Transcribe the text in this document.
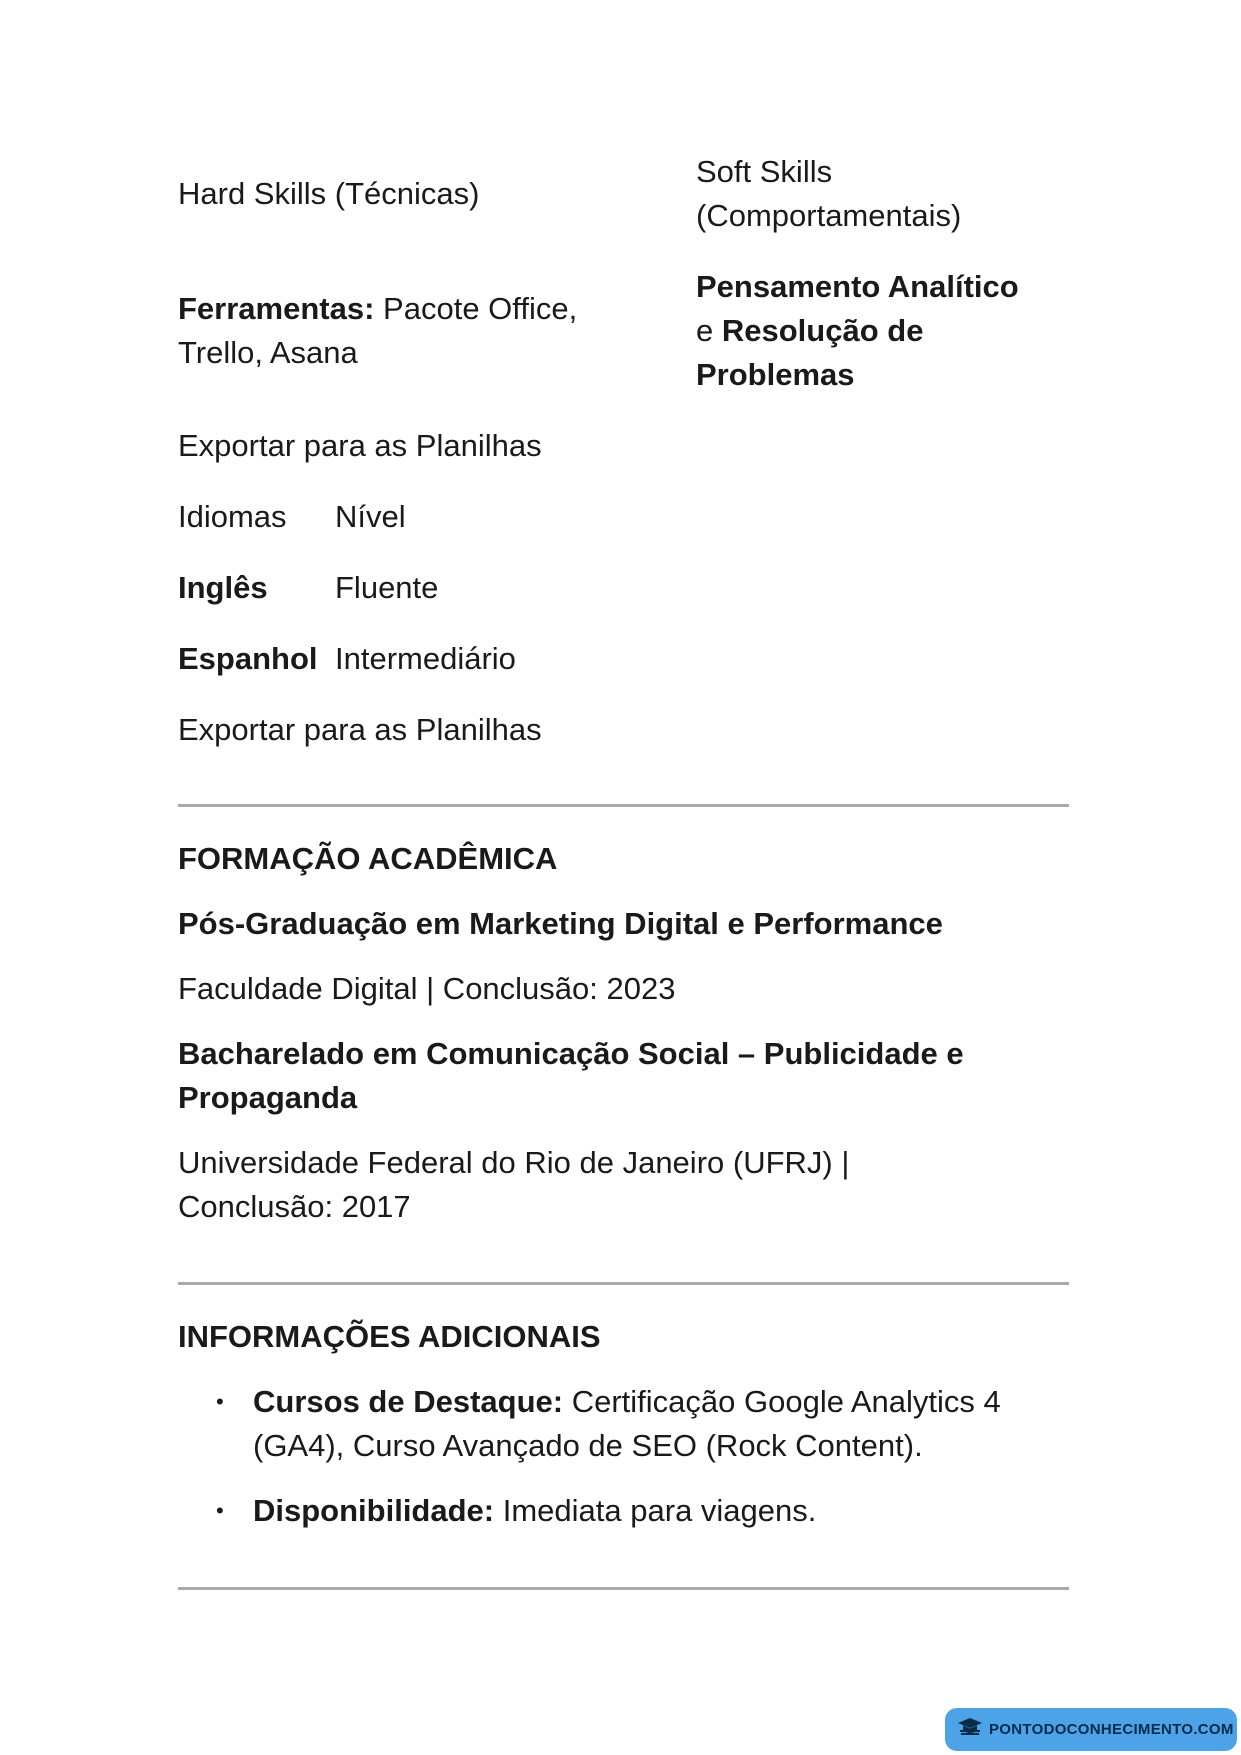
Hard Skills (Técnicas)
Soft Skills
(Comportamentais)
Ferramentas: Pacote Office,
Trello, Asana
Pensamento Analítico
e Resolução de
Problemas
Exportar para as Planilhas
Idiomas Nível
Inglês Fluente
Espanhol Intermediário
Exportar para as Planilhas
FORMAÇÃO ACADÊMICA
Pós-Graduação em Marketing Digital e Performance
Faculdade Digital | Conclusão: 2023
Bacharelado em Comunicação Social – Publicidade e
Propaganda
Universidade Federal do Rio de Janeiro (UFRJ) |
Conclusão: 2017
INFORMAÇÕES ADICIONAIS
• Cursos de Destaque: Certificação Google Analytics 4
(GA4), Curso Avançado de SEO (Rock Content).
• Disponibilidade: Imediata para viagens.
PONTODOCONHECIMENTO.COM
